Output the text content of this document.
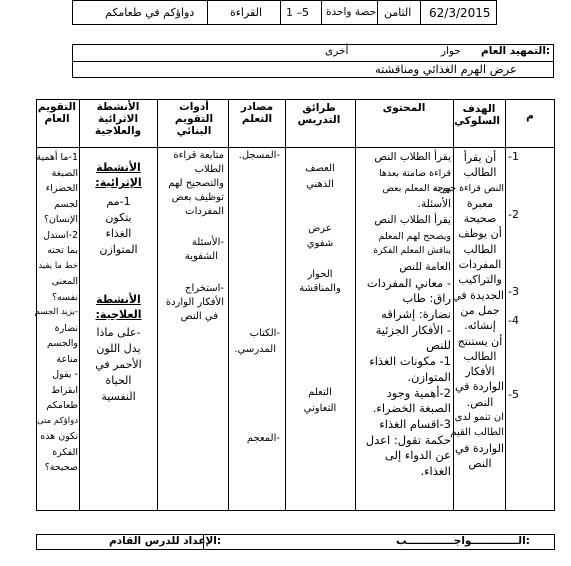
62/3/2015
الثامن
حصة واحدة
1 –5
القراءة
دواؤكم في طعامكم
التمهيد العام:
حوار
أخرى
عرض الهرم الغذائي ومناقشته
م
الهدف السلوكي
المحتوى
طرائق التدريس
مصادر التعلم
أدوات التقويم البنائي
الأنشطة الاثرائية والعلاجية
التقويم العام
-1
-2
-3
-4
-5
أن يقرأ
الطالب
النص قراءة جهرية
معبرة
صحيحة
أن يوظف
الطالب
المفردات
والتراكيب
الجديدة في
جمل من
إنشائه.
أن يستنتج
الطالب
الأفكار
الواردة في
النص.
ان تنمو لدى
الطالب القيم
الواردة في
النص
يقرأ الطلاب النص
قراءة صامتة بعدها
يوجه المعلم بعض
الأسئلة.
يقرأ الطلاب النص
ويصحح لهم المعلم
يناقش المعلم الفكرة
العامة للنص
- معاني المفردات
راق: طاب
نضارة: إشراقه
- الأفكار الجزئية
للنص
1- مكونات الغذاء
المتوازن.
2-أهمية وجود
الصبغة الخضراء.
3-اقسام الغذاء
حكمة تقول: اعدل
عن الدواء إلى
الغذاء.
العصف
الذهني
عرض
شفوي
الحوار
والمناقشة
التعلم
التعاوني
-المسجل.
-الكتاب
المدرسي.
-المعجم
متابعة قراءة
الطلاب
والتصحيح لهم
توظيف بعض
المفردات
-الأسئلة
الشفوية
-استخراج
الأفكار الواردة
في النص
الأنشطة الإثرائية:
1-مم
يتكون
الغذاء
المتوازن
الأنشطة العلاجية:
-على ماذا
يدل اللون
الأحمر في
الحياة
النفسية
1-ما أهمية
الصبغة
الخضراء
لجسم
الإنسان؟
2-استدل
بما تحته
خط ما يفيد
المعنى
نفسه؟
-يزيد الجسم
نضارة
والجسم
مناعة
- يقول
ابقراط
طعامكم
دواؤكم متى
تكون هذه
الفكرة
صحيحة؟
الـــــــــــــواجـــــــــــــب:
الإعداد للدرس القادم:
